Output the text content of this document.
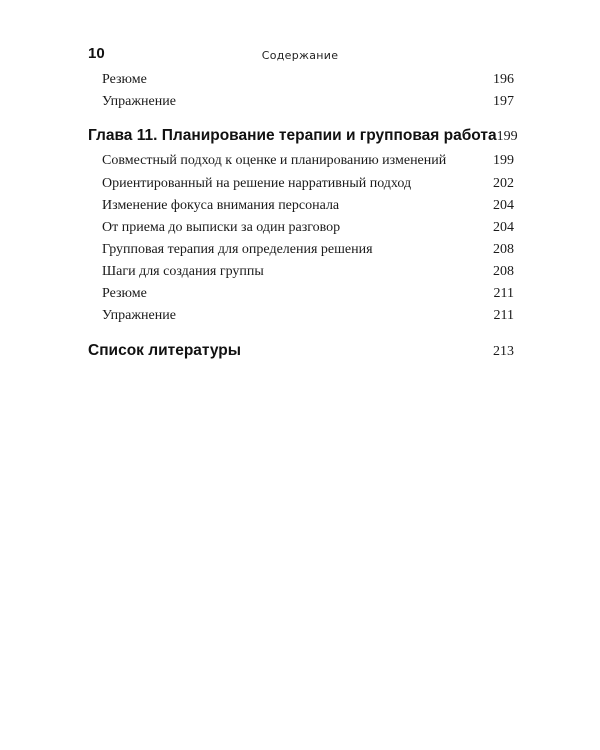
10	Содержание
Резюме	196
Упражнение	197
Глава 11. Планирование терапии и групповая работа 199
Совместный подход к оценке и планированию изменений	199
Ориентированный на решение нарративный подход	202
Изменение фокуса внимания персонала	204
От приема до выписки за один разговор	204
Групповая терапия для определения решения	208
Шаги для создания группы	208
Резюме	211
Упражнение	211
Список литературы	213
